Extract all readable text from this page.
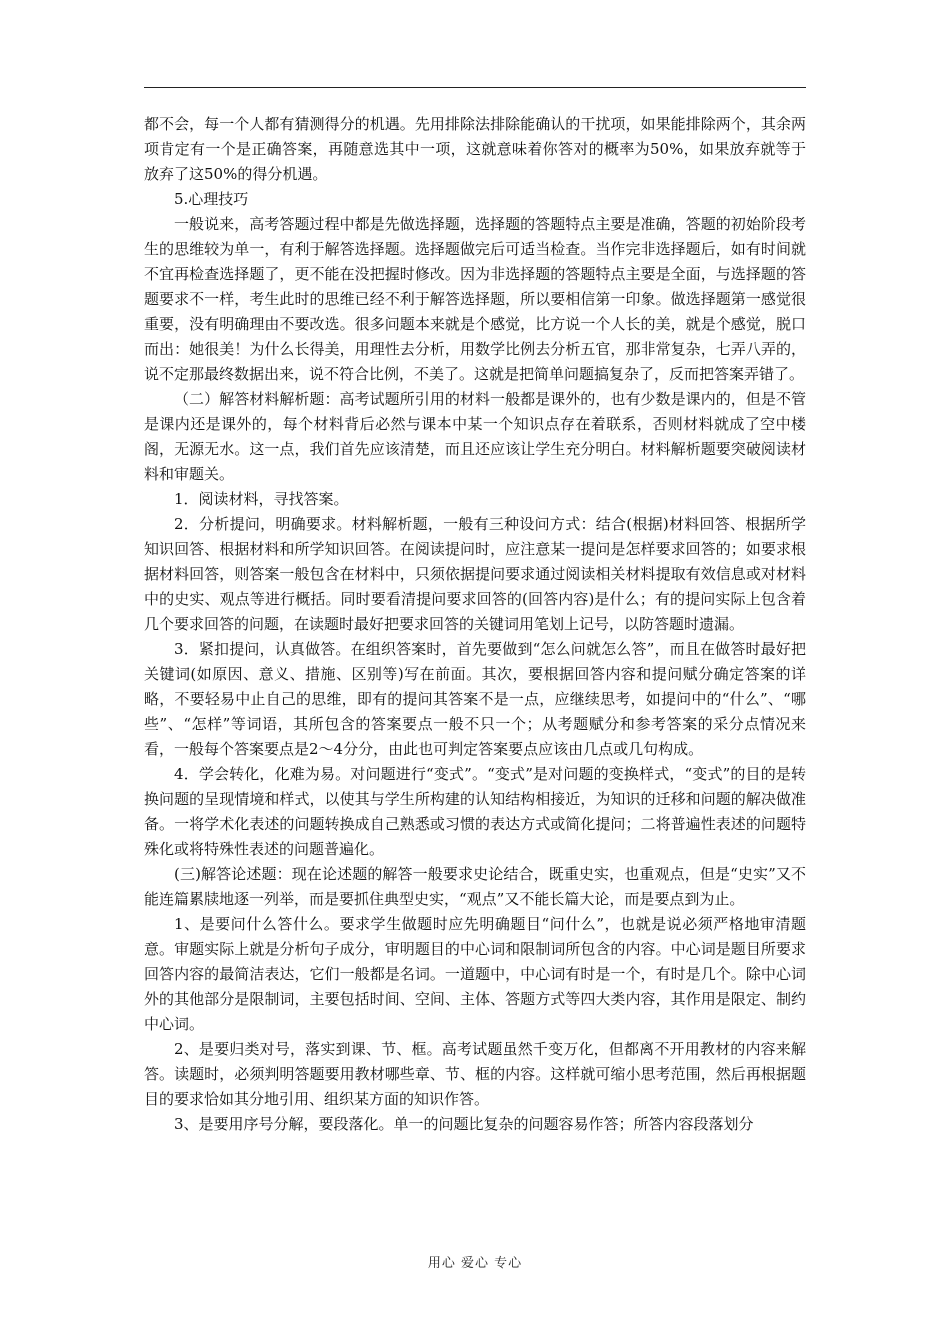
都不会，每一个人都有猜测得分的机遇。先用排除法排除能确认的干扰项，如果能排除两个，其余两项肯定有一个是正确答案，再随意选其中一项，这就意味着你答对的概率为50%，如果放弃就等于放弃了这50%的得分机遇。

5.心理技巧

一般说来，高考答题过程中都是先做选择题，选择题的答题特点主要是准确，答题的初始阶段考生的思维较为单一，有利于解答选择题。选择题做完后可适当检查。当作完非选择题后，如有时间就不宜再检查选择题了，更不能在没把握时修改。因为非选择题的答题特点主要是全面，与选择题的答题要求不一样，考生此时的思维已经不利于解答选择题，所以要相信第一印象。做选择题第一感觉很重要，没有明确理由不要改选。很多问题本来就是个感觉，比方说一个人长的美，就是个感觉，脱口而出：她很美！为什么长得美，用理性去分析，用数学比例去分析五官，那非常复杂，七弄八弄的，说不定那最终数据出来，说不符合比例，不美了。这就是把简单问题搞复杂了，反而把答案弄错了。

（二）解答材料解析题：高考试题所引用的材料一般都是课外的，也有少数是课内的，但是不管是课内还是课外的，每个材料背后必然与课本中某一个知识点存在着联系，否则材料就成了空中楼阁，无源无水。这一点，我们首先应该清楚，而且还应该让学生充分明白。材料解析题要突破阅读材料和审题关。

1．阅读材料，寻找答案。

2．分析提问，明确要求。材料解析题，一般有三种设问方式：结合(根据)材料回答、根据所学知识回答、根据材料和所学知识回答。在阅读提问时，应注意某一提问是怎样要求回答的；如要求根据材料回答，则答案一般包含在材料中，只须依据提问要求通过阅读相关材料提取有效信息或对材料中的史实、观点等进行概括。同时要看清提问要求回答的(回答内容)是什么；有的提问实际上包含着几个要求回答的问题，在读题时最好把要求回答的关键词用笔划上记号，以防答题时遗漏。

3．紧扣提问，认真做答。在组织答案时，首先要做到“怎么问就怎么答”，而且在做答时最好把关键词(如原因、意义、措施、区别等)写在前面。其次，要根据回答内容和提问赋分确定答案的详略，不要轻易中止自己的思维，即有的提问其答案不是一点，应继续思考，如提问中的“什么”、“哪些”、“怎样”等词语，其所包含的答案要点一般不只一个；从考题赋分和参考答案的采分点情况来看，一般每个答案要点是2～4分分，由此也可判定答案要点应该由几点或几句构成。

4．学会转化，化难为易。对问题进行“变式”。“变式”是对问题的变换样式，“变式”的目的是转换问题的呈现情境和样式，以使其与学生所构建的认知结构相接近，为知识的迁移和问题的解决做准备。一将学术化表述的问题转换成自己熟悉或习惯的表达方式或简化提问；二将普遍性表述的问题特殊化或将特殊性表述的问题普遍化。

(三)解答论述题：现在论述题的解答一般要求史论结合，既重史实，也重观点，但是“史实”又不能连篇累牍地逐一列举，而是要抓住典型史实，“观点”又不能长篇大论，而是要点到为止。

1、是要问什么答什么。要求学生做题时应先明确题目“问什么”，也就是说必须严格地审清题意。审题实际上就是分析句子成分，审明题目的中心词和限制词所包含的内容。中心词是题目所要求回答内容的最简洁表达，它们一般都是名词。一道题中，中心词有时是一个，有时是几个。除中心词外的其他部分是限制词，主要包括时间、空间、主体、答题方式等四大类内容，其作用是限定、制约中心词。

2、是要归类对号，落实到课、节、框。高考试题虽然千变万化，但都离不开用教材的内容来解答。读题时，必须判明答题要用教材哪些章、节、框的内容。这样就可缩小思考范围，然后再根据题目的要求恰如其分地引用、组织某方面的知识作答。

3、是要用序号分解，要段落化。单一的问题比复杂的问题容易作答；所答内容段落划分

用心 爱心 专心
